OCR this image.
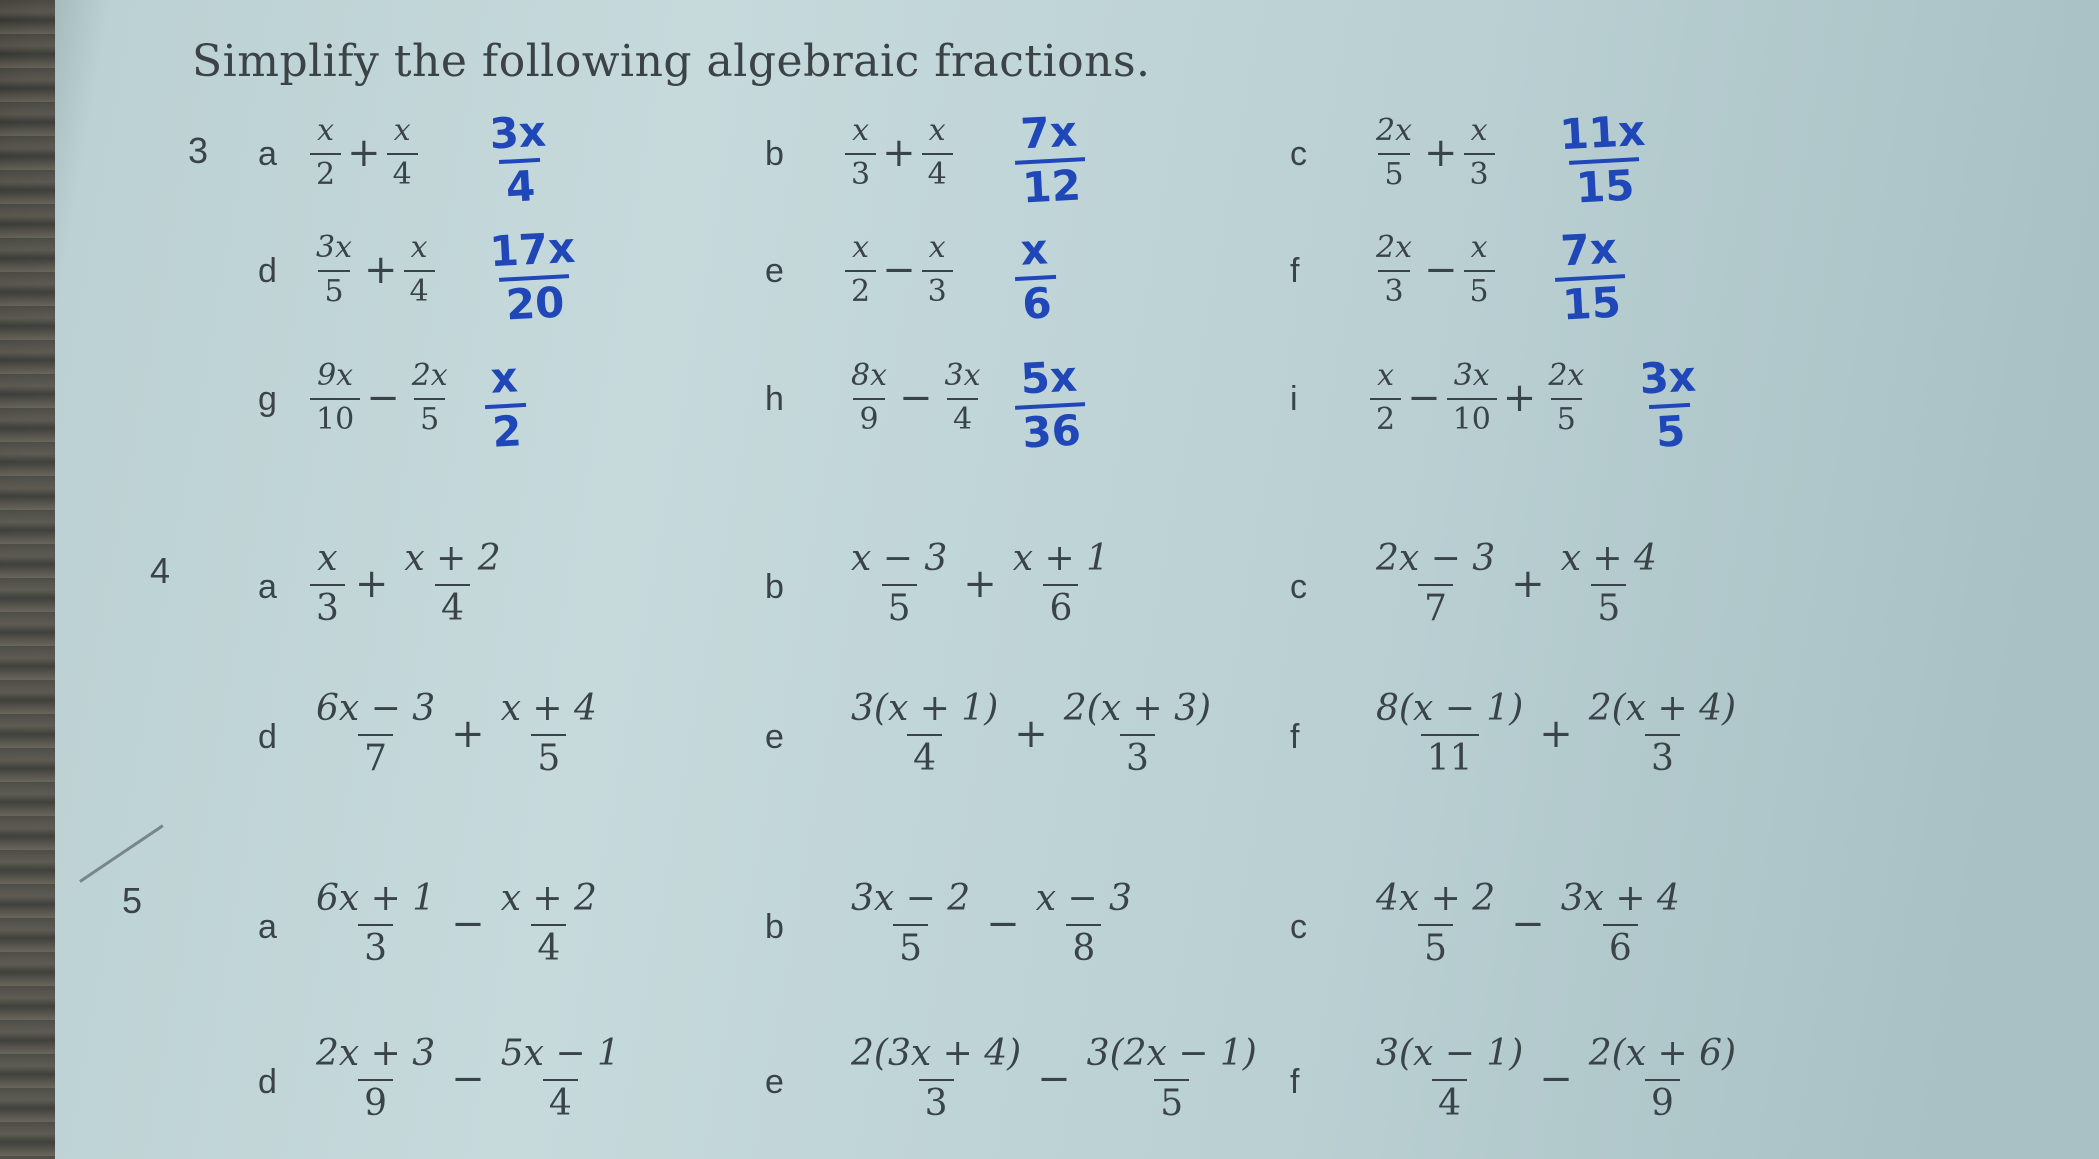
Simplify the following algebraic fractions.
3 a $\frac{x}{2} + \frac{x}{4} \frac{3x}{4}$	b $\frac{x}{3} + \frac{x}{4} \frac{7x}{12}$	c $\frac{2x}{5} + \frac{x}{3} \frac{11x}{15}$
d $\frac{3x}{5} + \frac{x}{4} \frac{17x}{20}$	e $\frac{x}{2} - \frac{x}{3} \frac{x}{6}$	f $\frac{2x}{3} - \frac{x}{5} \frac{7x}{15}$
g $\frac{9x}{10} - \frac{2x}{5} \frac{x}{2}$	h $\frac{8x}{9} - \frac{3x}{4} \frac{5x}{36}$	i $\frac{x}{2} - \frac{3x}{10} + \frac{2x}{5} \frac{3x}{5}$
4	a $\frac{x}{3} + \frac{x + 2}{4}$	b $\frac{x - 3}{5} + \frac{x + 1}{6}$	c $\frac{2x - 3}{7} + \frac{x + 4}{5}$
d $\frac{6x - 3}{7} + \frac{x + 4}{5}$	e $\frac{3(x + 1)}{4} + \frac{2(x + 3)}{3}$ f $\frac{8(x - 1)}{11} + \frac{2(x + 4)}{3}$
5
a $\frac{6x + 1}{3} - \frac{x + 2}{4}$	b $\frac{3x - 2}{5} - \frac{x - 3}{8}$	c $\frac{4x + 2}{5} - \frac{3x + 4}{6}$
d $\frac{2x + 3}{9} - \frac{5x - 1}{4}$	e $\frac{2(3x + 4)}{3} - \frac{3(2x - 1)}{5}$ f $\frac{3(x - 1)}{4} - \frac{2(x + 6)}{9}$
